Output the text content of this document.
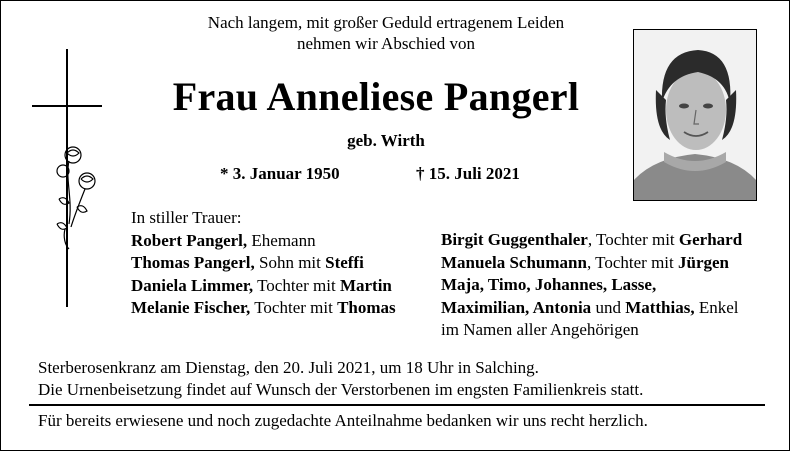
Nach langem, mit großer Geduld ertragenem Leiden
nehmen wir Abschied von
Frau Anneliese Pangerl
geb. Wirth
* 3. Januar 1950	† 15. Juli 2021
In stiller Trauer:
Robert Pangerl, Ehemann
Thomas Pangerl, Sohn mit Steffi
Daniela Limmer, Tochter mit Martin
Melanie Fischer, Tochter mit Thomas
Birgit Guggenthaler, Tochter mit Gerhard
Manuela Schumann, Tochter mit Jürgen
Maja, Timo, Johannes, Lasse,
Maximilian, Antonia und Matthias, Enkel
im Namen aller Angehörigen
Sterberosenkranz am Dienstag, den 20. Juli 2021, um 18 Uhr in Salching.
Die Urnenbeisetzung findet auf Wunsch der Verstorbenen im engsten Familienkreis statt.
Für bereits erwiesene und noch zugedachte Anteilnahme bedanken wir uns recht herzlich.
